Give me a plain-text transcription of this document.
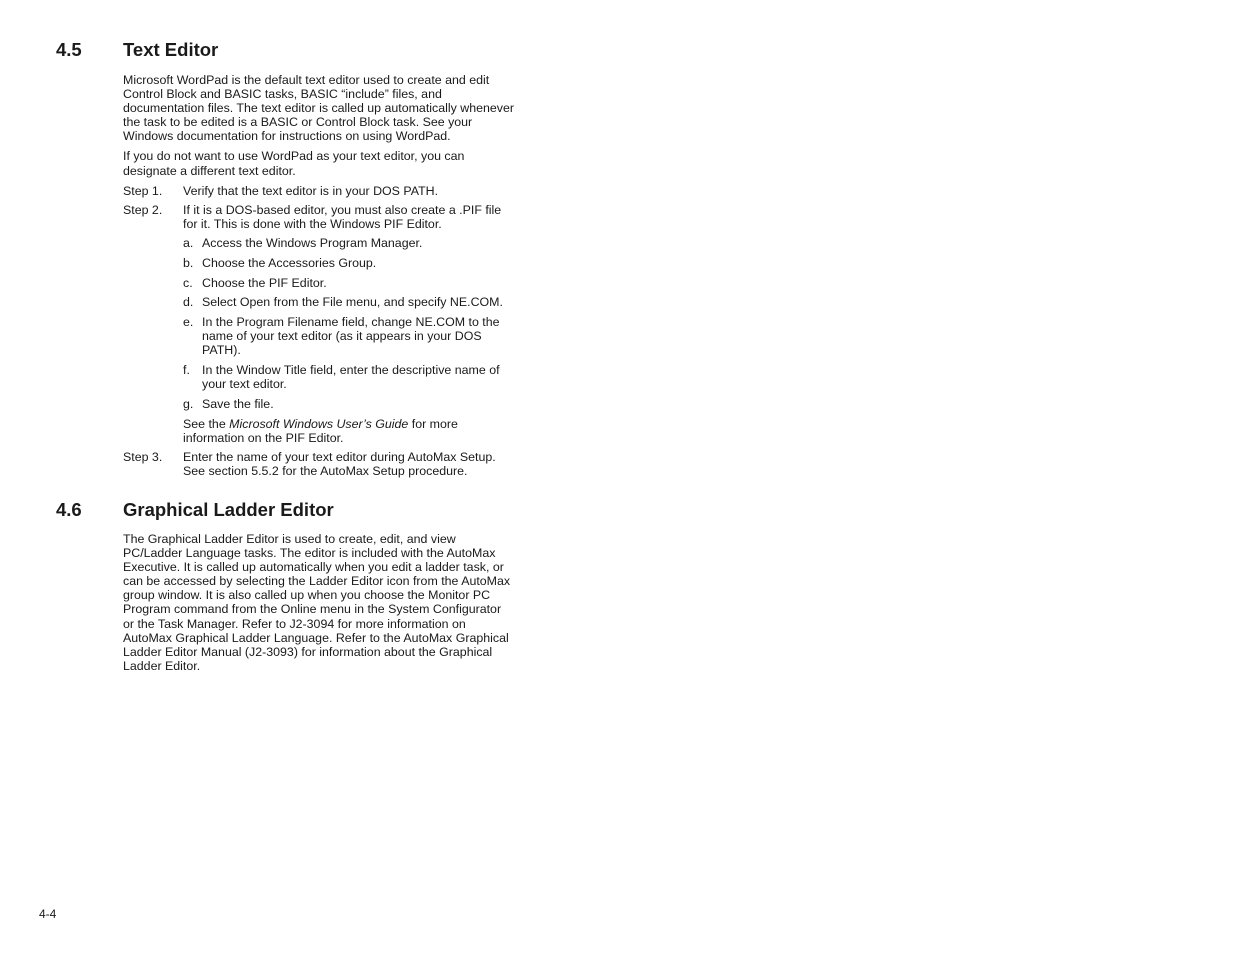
4.5 Text Editor

Microsoft WordPad is the default text editor used to create and edit Control Block and BASIC tasks, BASIC “include” files, and documentation files. The text editor is called up automatically whenever the task to be edited is a BASIC or Control Block task. See your Windows documentation for instructions on using WordPad.

If you do not want to use WordPad as your text editor, you can designate a different text editor.

Step 1. Verify that the text editor is in your DOS PATH.
Step 2. If it is a DOS-based editor, you must also create a .PIF file for it. This is done with the Windows PIF Editor.
a. Access the Windows Program Manager.
b. Choose the Accessories Group.
c. Choose the PIF Editor.
d. Select Open from the File menu, and specify NE.COM.
e. In the Program Filename field, change NE.COM to the name of your text editor (as it appears in your DOS PATH).
f. In the Window Title field, enter the descriptive name of your text editor.
g. Save the file.
See the Microsoft Windows User’s Guide for more information on the PIF Editor.
Step 3. Enter the name of your text editor during AutoMax Setup. See section 5.5.2 for the AutoMax Setup procedure.
4.6 Graphical Ladder Editor

The Graphical Ladder Editor is used to create, edit, and view PC/Ladder Language tasks. The editor is included with the AutoMax Executive. It is called up automatically when you edit a ladder task, or can be accessed by selecting the Ladder Editor icon from the AutoMax group window. It is also called up when you choose the Monitor PC Program command from the Online menu in the System Configurator or the Task Manager. Refer to J2-3094 for more information on AutoMax Graphical Ladder Language. Refer to the AutoMax Graphical Ladder Editor Manual (J2-3093) for information about the Graphical Ladder Editor.

4-4
